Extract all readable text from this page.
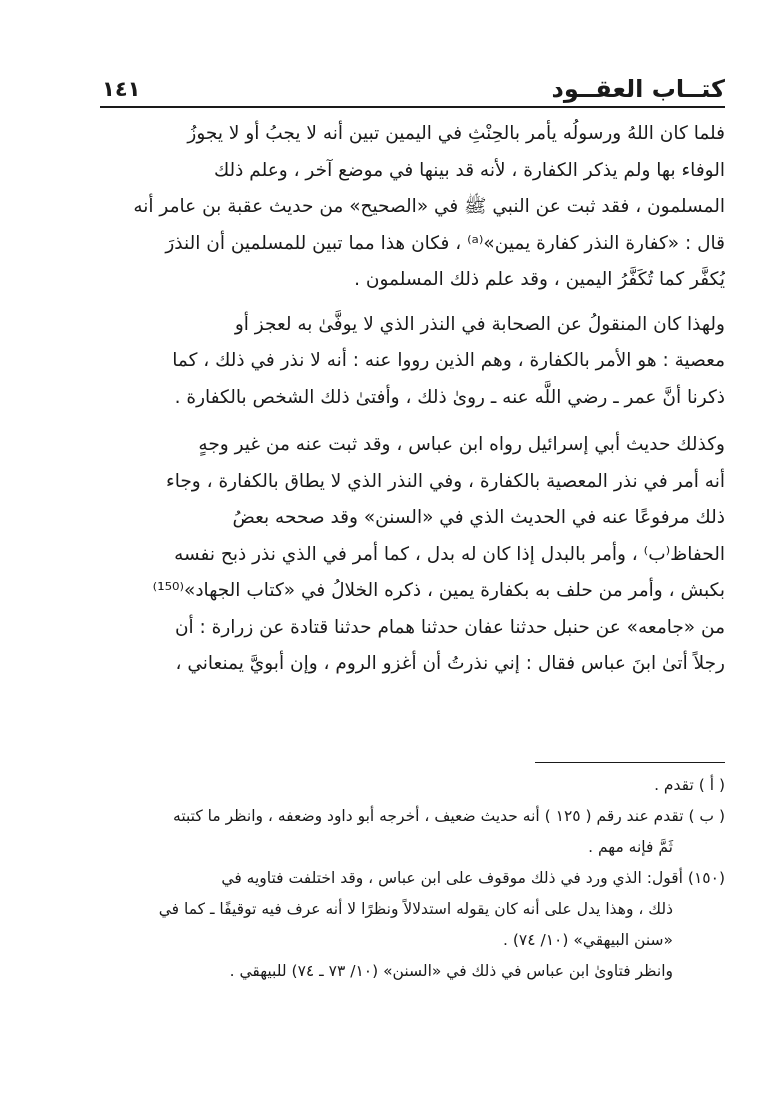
كتــاب العقــود
١٤١
فلما كان اللهُ ورسولُه يأمر بالحِنْثِ في اليمين تبين أنه لا يجبُ أو لا يجوزُ
الوفاء بها ولم يذكر الكفارة ، لأنه قد بينها في موضع آخر ، وعلم ذلك
المسلمون ، فقد ثبت عن النبي ﷺ في «الصحيح» من حديث عقبة بن عامر أنه
قال : «كفارة النذر كفارة يمين»⁽ᵃ⁾ ، فكان هذا مما تبين للمسلمين أن النذرَ
يُكفَّر كما تُكَفَّرُ اليمين ، وقد علم ذلك المسلمون .
ولهذا كان المنقولُ عن الصحابة في النذر الذي لا يوفَّىٰ به لعجز أو
معصية : هو الأمر بالكفارة ، وهم الذين رووا عنه : أنه لا نذر في ذلك ، كما
ذكرنا أنَّ عمر ـ رضي اللَّه عنه ـ روىٰ ذلك ، وأفتىٰ ذلك الشخص بالكفارة .
وكذلك حديث أبي إسرائيل رواه ابن عباس ، وقد ثبت عنه من غير وجهٍ
أنه أمر في نذر المعصية بالكفارة ، وفي النذر الذي لا يطاق بالكفارة ، وجاء
ذلك مرفوعًا عنه في الحديث الذي في «السنن» وقد صححه بعضُ
الحفاظ⁽ب⁾ ، وأمر بالبدل إذا كان له بدل ، كما أمر في الذي نذر ذبح نفسه
بكبش ، وأمر من حلف به بكفارة يمين ، ذكره الخلالُ في «كتاب الجهاد»⁽¹⁵⁰⁾
من «جامعه» عن حنبل حدثنا عفان حدثنا همام حدثنا قتادة عن زرارة : أن
رجلاً أتىٰ ابنَ عباس فقال : إني نذرتُ أن أغزو الروم ، وإن أبويَّ يمنعاني ،
( أ ) تقدم .
( ب ) تقدم عند رقم ( ١٢٥ ) أنه حديث ضعيف ، أخرجه أبو داود وضعفه ، وانظر ما كتبته
ثَمَّ فإنه مهم .
(١٥٠) أقول: الذي ورد في ذلك موقوف على ابن عباس ، وقد اختلفت فتاويه في
ذلك ، وهذا يدل على أنه كان يقوله استدلالاً ونظرًا لا أنه عرف فيه توقيفًا ـ كما في
«سنن البيهقي» (١٠/ ٧٤) .
وانظر فتاوىٰ ابن عباس في ذلك في «السنن» (١٠/ ٧٣ ـ ٧٤) للبيهقي .
